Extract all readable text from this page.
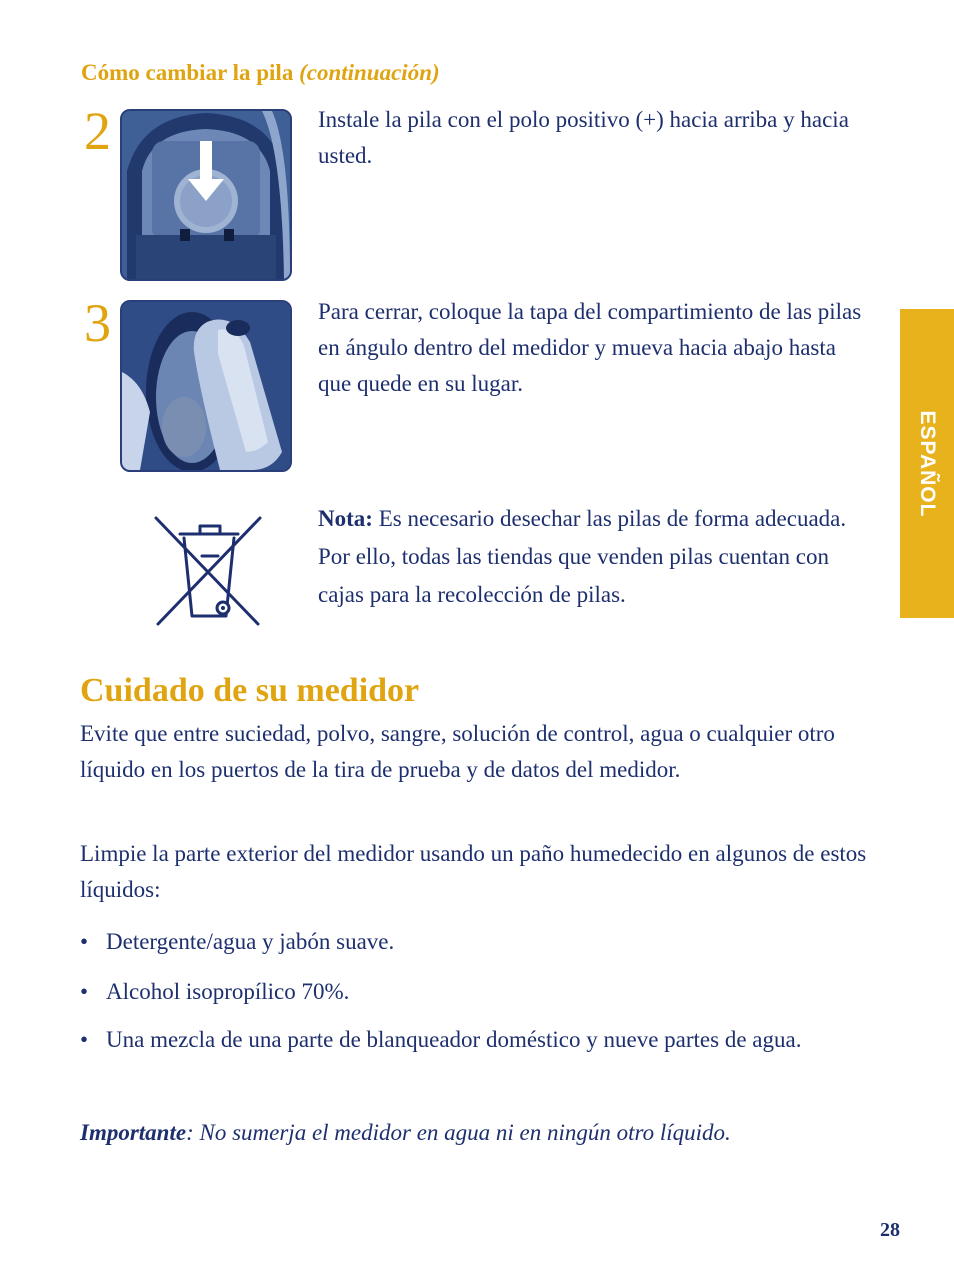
Cómo cambiar la pila (continuación)
2	Instale la pila con el polo positivo (+) hacia arriba y hacia usted.
3	Para cerrar, coloque la tapa del compartimiento de las pilas en ángulo dentro del medidor y mueva hacia abajo hasta que quede en su lugar.
Nota: Es necesario desechar las pilas de forma adecuada. Por ello, todas las tiendas que venden pilas cuentan con cajas para la recolección de pilas.
ESPAÑOL
Cuidado de su medidor
Evite que entre suciedad, polvo, sangre, solución de control, agua o cualquier otro líquido en los puertos de la tira de prueba y de datos del medidor.
Limpie la parte exterior del medidor usando un paño humedecido en algunos de estos líquidos:
• Detergente/agua y jabón suave.
• Alcohol isopropílico 70%.
• Una mezcla de una parte de blanqueador doméstico y nueve partes de agua.
Importante: No sumerja el medidor en agua ni en ningún otro líquido.
28
